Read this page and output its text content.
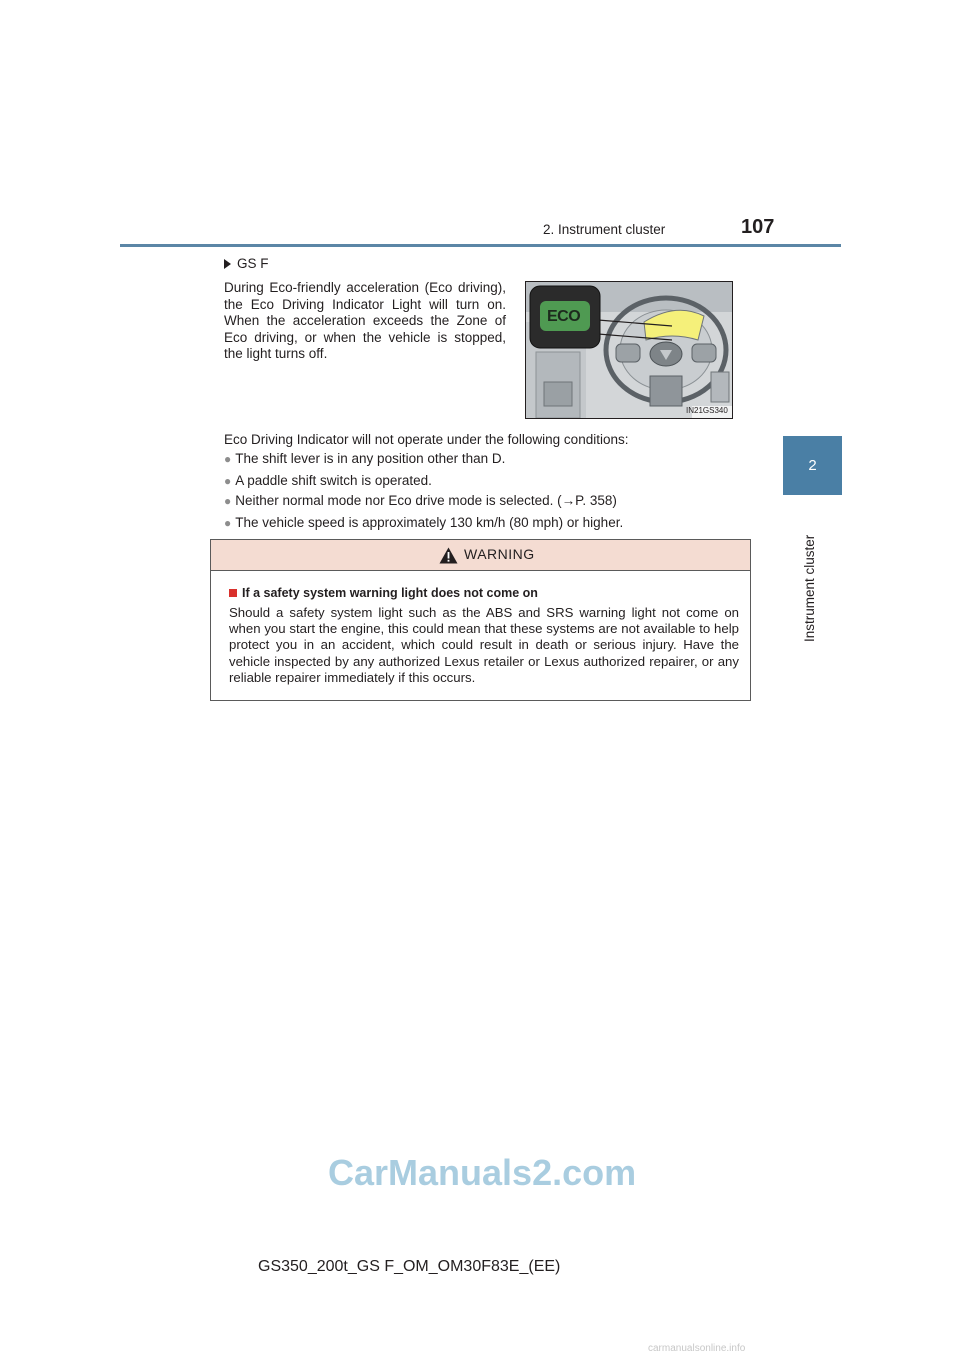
2. Instrument cluster	107
2
Instrument cluster
GS F
During Eco-friendly acceleration (Eco driving), the Eco Driving Indicator Light will turn on. When the acceleration exceeds the Zone of Eco driving, or when the vehicle is stopped, the light turns off.
ECO
IN21GS340
Eco Driving Indicator will not operate under the following conditions:
● The shift lever is in any position other than D.
● A paddle shift switch is operated.
● Neither normal mode nor Eco drive mode is selected. (→P. 358)
● The vehicle speed is approximately 130 km/h (80 mph) or higher.
WARNING
If a safety system warning light does not come on
Should a safety system light such as the ABS and SRS warning light not come on when you start the engine, this could mean that these systems are not available to help protect you in an accident, which could result in death or serious injury. Have the vehicle inspected by any authorized Lexus retailer or Lexus authorized repairer, or any reliable repairer immediately if this occurs.
CarManuals2.com
GS350_200t_GS F_OM_OM30F83E_(EE)
carmanualsonline.info
